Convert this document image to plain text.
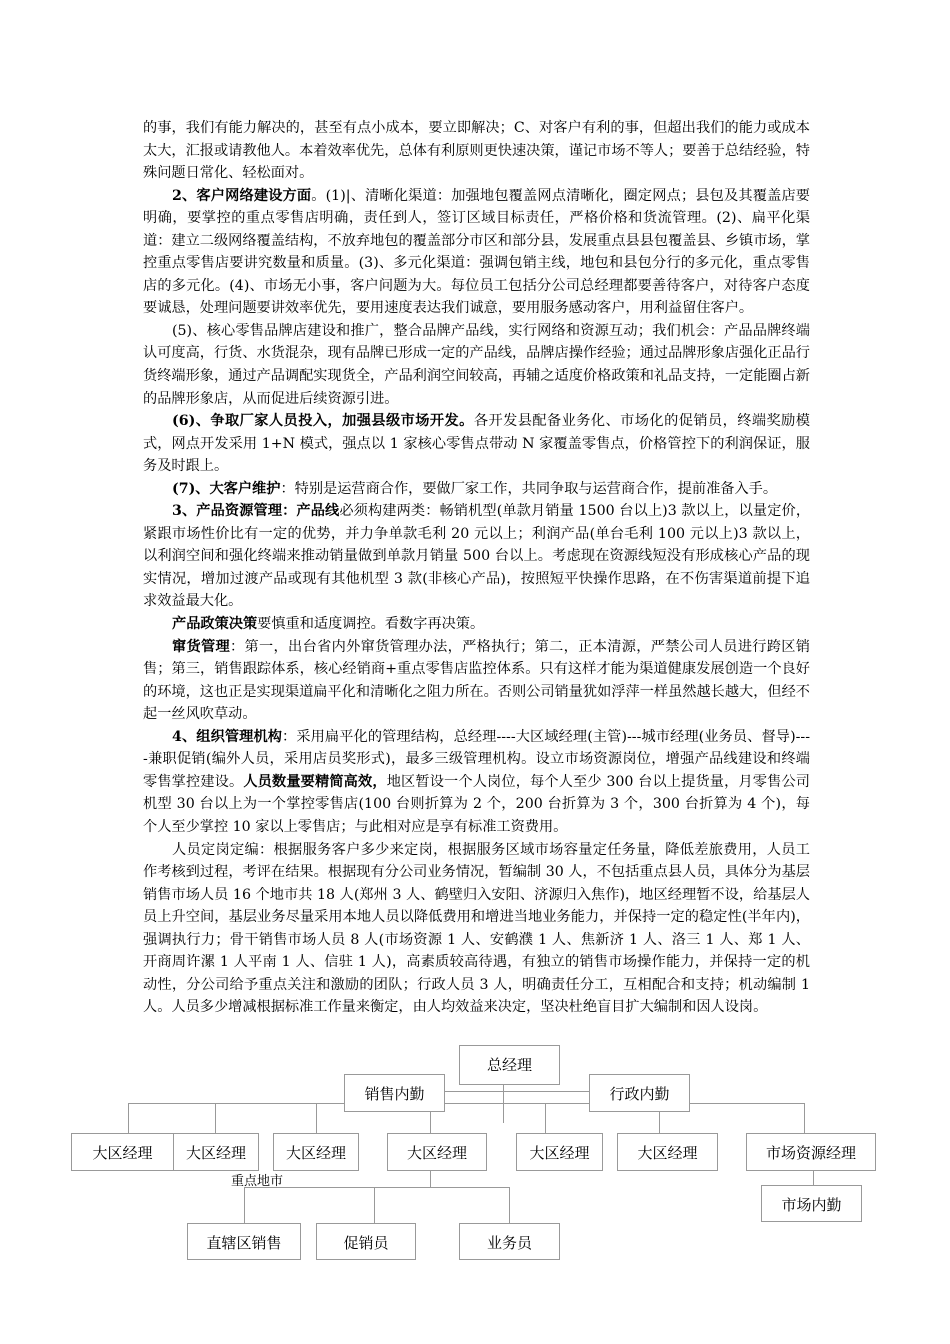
的事，我们有能力解决的，甚至有点小成本，要立即解决；C、对客户有利的事，但超出我们的能力或成本太大，汇报或请教他人。本着效率优先，总体有利原则更快速决策，谨记市场不等人；要善于总结经验，特殊问题日常化、轻松面对。

2、客户网络建设方面。(1)|、清晰化渠道：加强地包覆盖网点清晰化，圈定网点；县包及其覆盖店要明确，要掌控的重点零售店明确，责任到人，签订区域目标责任，严格价格和货流管理。(2)、扁平化渠道：建立二级网络覆盖结构，不放弃地包的覆盖部分市区和部分县，发展重点县县包覆盖县、乡镇市场，掌控重点零售店要讲究数量和质量。(3)、多元化渠道：强调包销主线，地包和县包分行的多元化，重点零售店的多元化。(4)、市场无小事，客户问题为大。每位员工包括分公司总经理都要善待客户，对待客户态度要诚恳，处理问题要讲效率优先，要用速度表达我们诚意，要用服务感动客户，用利益留住客户。

(5)、核心零售品牌店建设和推广，整合品牌产品线，实行网络和资源互动；我们机会：产品品牌终端认可度高，行货、水货混杂，现有品牌已形成一定的产品线，品牌店操作经验；通过品牌形象店强化正品行货终端形象，通过产品调配实现货全，产品利润空间较高，再辅之适度价格政策和礼品支持，一定能圈占新的品牌形象店，从而促进后续资源引进。

(6)、争取厂家人员投入，加强县级市场开发。各开发县配备业务化、市场化的促销员，终端奖励模式，网点开发采用 1+N 模式，强点以 1 家核心零售点带动 N 家覆盖零售点，价格管控下的利润保证，服务及时跟上。

(7)、大客户维护：特别是运营商合作，要做厂家工作，共同争取与运营商合作，提前准备入手。

3、产品资源管理：产品线必须构建两类：畅销机型(单款月销量 1500 台以上)3 款以上，以量定价，紧跟市场性价比有一定的优势，并力争单款毛利 20 元以上；利润产品(单台毛利 100 元以上)3 款以上，以利润空间和强化终端来推动销量做到单款月销量 500 台以上。考虑现在资源线短没有形成核心产品的现实情况，增加过渡产品或现有其他机型 3 款(非核心产品)，按照短平快操作思路，在不伤害渠道前提下追求效益最大化。

产品政策决策要慎重和适度调控。看数字再决策。

窜货管理：第一，出台省内外窜货管理办法，严格执行；第二，正本清源，严禁公司人员进行跨区销售；第三，销售跟踪体系，核心经销商+重点零售店监控体系。只有这样才能为渠道健康发展创造一个良好的环境，这也正是实现渠道扁平化和清晰化之阻力所在。否则公司销量犹如浮萍一样虽然越长越大，但经不起一丝风吹草动。

4、组织管理机构：采用扁平化的管理结构，总经理----大区域经理(主管)---城市经理(业务员、督导)----兼职促销(编外人员，采用店员奖形式)，最多三级管理机构。设立市场资源岗位，增强产品线建设和终端零售掌控建设。人员数量要精简高效，地区暂设一个人岗位，每个人至少 300 台以上提货量，月零售公司机型 30 台以上为一个掌控零售店(100 台则折算为 2 个，200 台折算为 3 个，300 台折算为 4 个)，每个人至少掌控 10 家以上零售店；与此相对应是享有标准工资费用。

人员定岗定编：根据服务客户多少来定岗，根据服务区域市场容量定任务量，降低差旅费用，人员工作考核到过程，考评在结果。根据现有分公司业务情况，暂编制 30 人，不包括重点县人员，具体分为基层销售市场人员 16 个地市共 18 人(郑州 3 人、鹤壁归入安阳、济源归入焦作)，地区经理暂不设，给基层人员上升空间，基层业务尽量采用本地人员以降低费用和增进当地业务能力，并保持一定的稳定性(半年内)，强调执行力；骨干销售市场人员 8 人(市场资源 1 人、安鹤濮 1 人、焦新济 1 人、洛三 1 人、郑 1 人、开商周许漯 1 人平南 1 人、信驻 1 人)，高素质较高待遇，有独立的销售市场操作能力，并保持一定的机动性，分公司给予重点关注和激励的团队；行政人员 3 人，明确责任分工，互相配合和支持；机动编制 1 人。人员多少增减根据标准工作量来衡定，由人均效益来决定，坚决杜绝盲目扩大编制和因人设岗。

总经理
销售内勤	行政内勤
大区经理	大区经理	大区经理	大区经理	大区经理	大区经理	市场资源经理
重点地市
市场内勤
直辖区销售	促销员	业务员
